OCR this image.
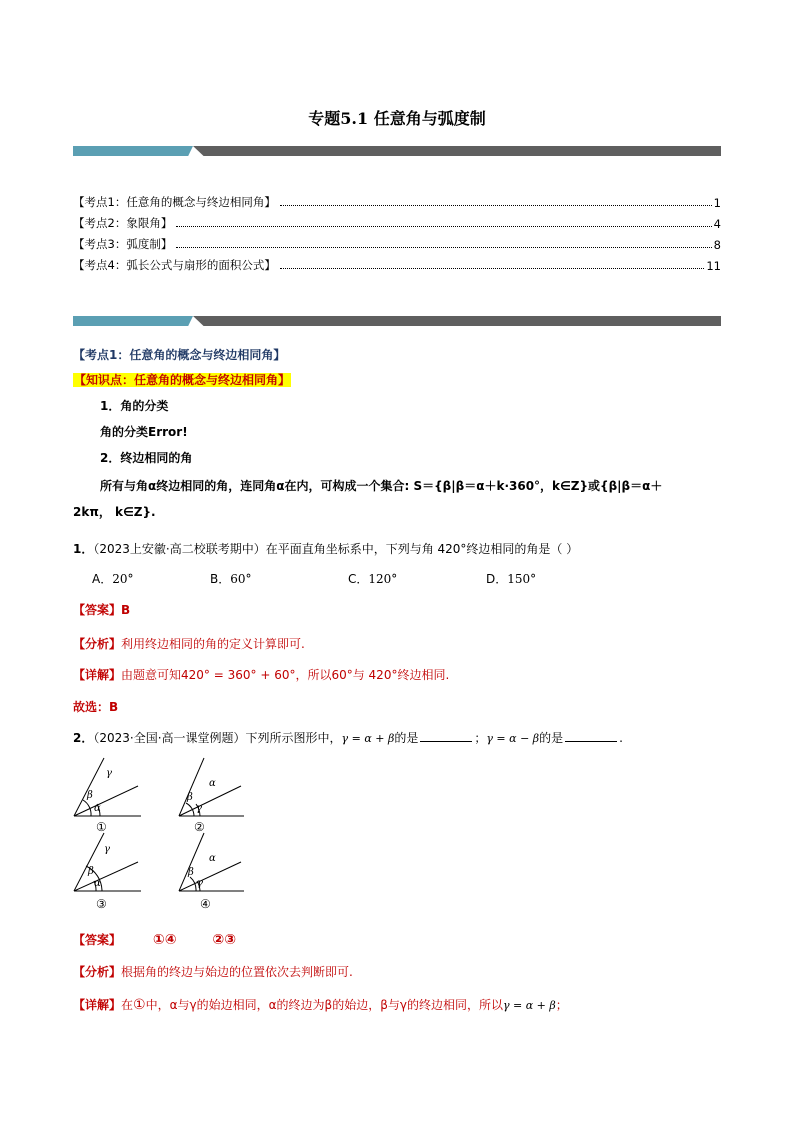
专题5.1 任意角与弧度制
【考点1：任意角的概念与终边相同角】	1
【考点2：象限角】	4
【考点3：弧度制】	8
【考点4：弧长公式与扇形的面积公式】	11
【考点1：任意角的概念与终边相同角】
【知识点：任意角的概念与终边相同角】
1．角的分类
角的分类Error!
2．终边相同的角
所有与角α终边相同的角，连同角α在内，可构成一个集合: S＝{β|β＝α＋k·360°，k∈Z}或{β|β＝α＋
2kπ， k∈Z}.
1．（2023上安徽·高二校联考期中）在平面直角坐标系中，下列与角 420°终边相同的角是（ ）
A．20°	B．60°	C．120°	D．150°
【答案】B
【分析】利用终边相同的角的定义计算即可.
【详解】由题意可知420° = 360° + 60°，所以60°与 420°终边相同.
故选：B
2．（2023·全国·高一课堂例题）下列所示图形中，γ = α + β的是	；γ = α − β的是	.
γ
β
α
α
β
γ
γ
β
α
α
β
γ
①	②
③	④
【答案】 ①④	②③
【分析】根据角的终边与始边的位置依次去判断即可.
【详解】在①中，α与γ的始边相同，α的终边为β的始边，β与γ的终边相同，所以γ = α + β；
